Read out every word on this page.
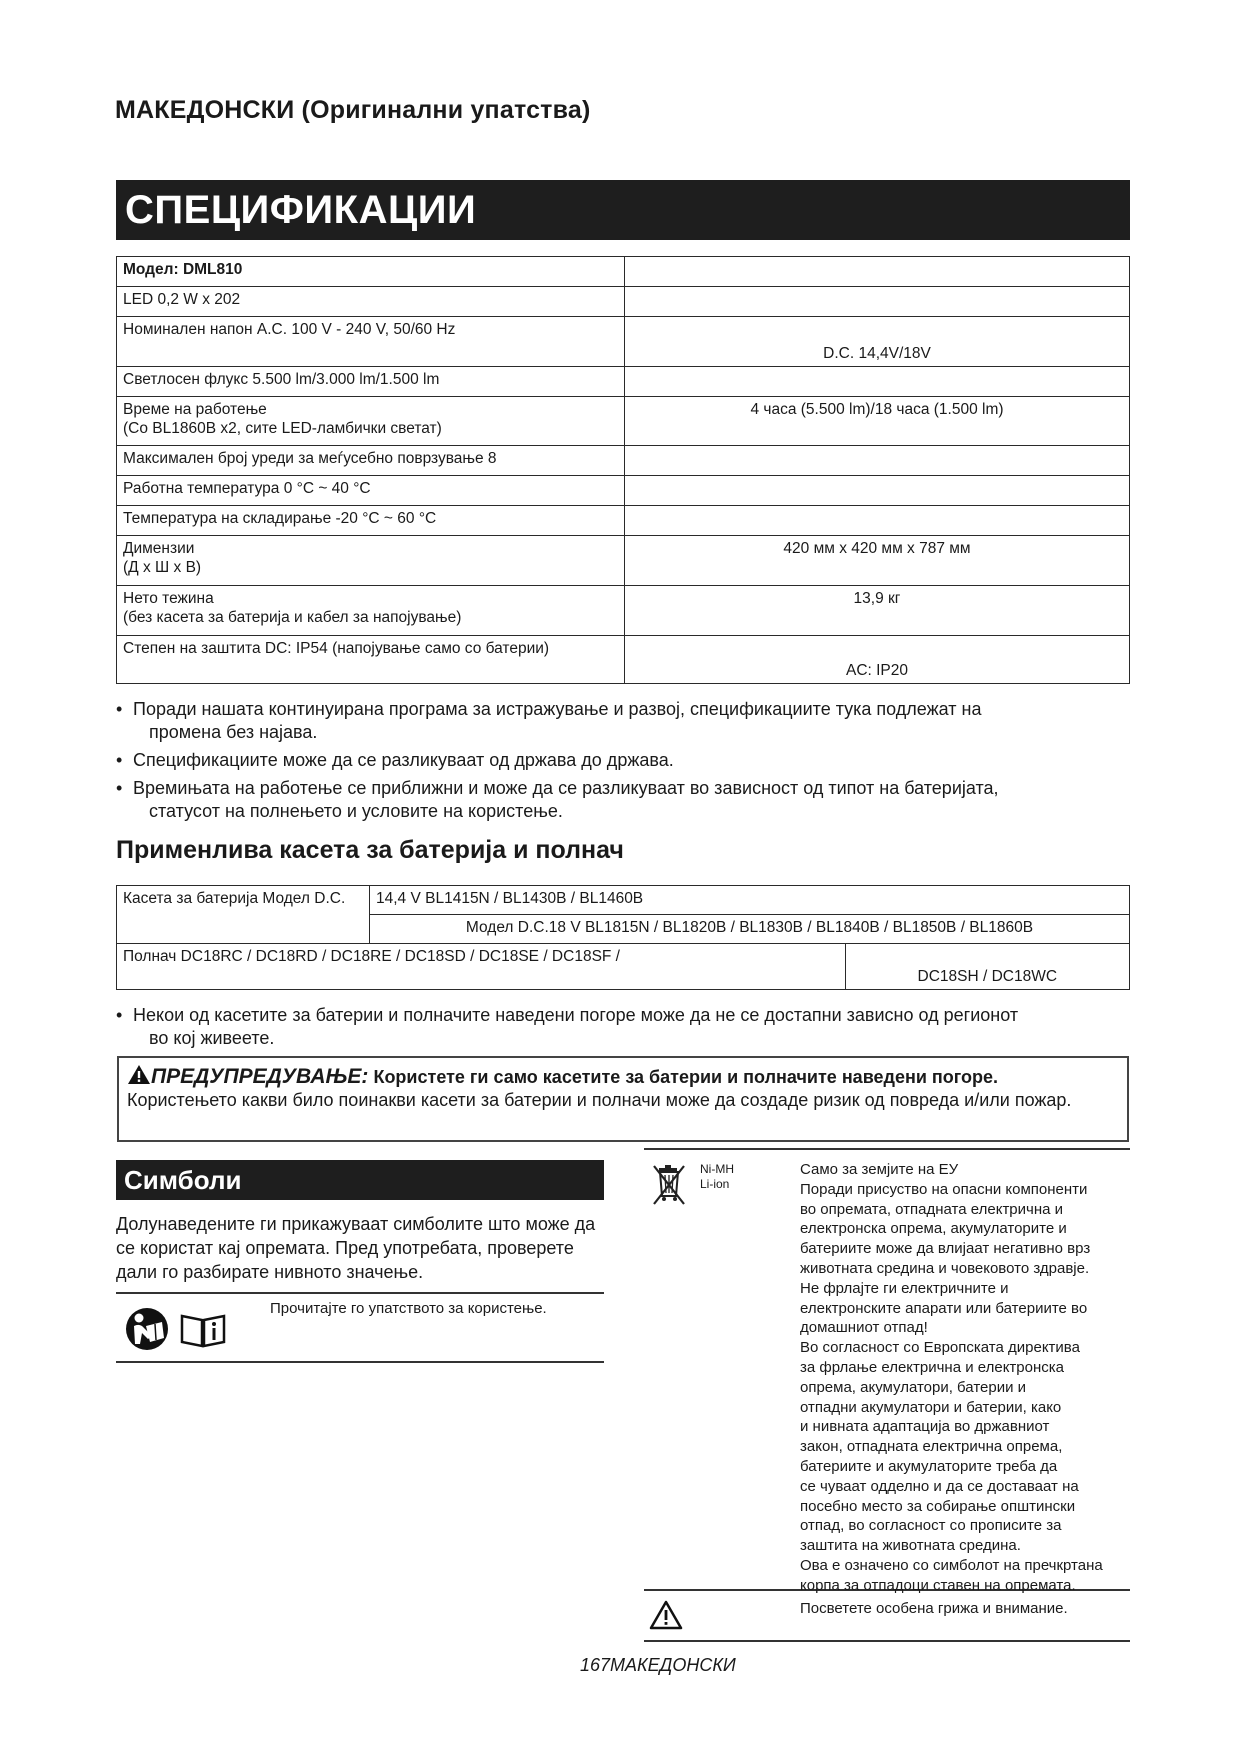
МАКЕДОНСКИ (Оригинални упатства)
СПЕЦИФИКАЦИИ
Модел: DML810	
LED 0,2 W x 202	
Номинален напон A.C. 100 V - 240 V, 50/60 Hz	D.C. 14,4V/18V
Светлосен флукс 5.500 lm/3.000 lm/1.500 lm	
Време на работење
(Со BL1860B x2, сите LED-ламбички светат)	4 часа (5.500 lm)/18 часа (1.500 lm)
Максимален број уреди за меѓусебно поврзување 8	
Работна температура 0 °C ~ 40 °C	
Температура на складирање -20 °C ~ 60 °C	
Димензии
(Д x Ш x В)	420 мм x 420 мм x 787 мм
Нето тежина
(без касета за батерија и кабел за напојување)	13,9 кг
Степен на заштита DC: IP54 (напојување само со батерии)	AC: IP20
• Поради нашата континуирана програма за истражување и развој, спецификациите тука подлежат на
промена без најава.
• Спецификациите може да се разликуваат од држава до држава.
• Времињата на работење се приближни и може да се разликуваат во зависност од типот на батеријата,
статусот на полнењето и условите на користење.
Применлива касета за батерија и полнач
Касета за батерија Модел D.C.	14,4 V BL1415N / BL1430B / BL1460B	
	Модел D.C.18 V BL1815N / BL1820B / BL1830B / BL1840B / BL1850B / BL1860B	
Полнач DC18RC / DC18RD / DC18RE / DC18SD / DC18SE / DC18SF /		DC18SH / DC18WC
• Некои од касетите за батерии и полначите наведени погоре може да не се достапни зависно од регионот
во кој живеете.
ПРЕДУПРЕДУВАЊЕ: Користете ги само касетите за батерии и полначите наведени погоре.
Користењето какви било поинакви касети за батерии и полначи може да создаде ризик од повреда и/или пожар.
Симболи
Долунаведените ги прикажуваат симболите што може да се користат кај опремата. Пред употребата, проверете дали го разбирате нивното значење.
Прочитајте го упатството за користење.
Ni-MH
Li-ion
Само за земјите на ЕУ
Поради присуство на опасни компоненти
во опремата, отпадната електрична и
електронска опрема, акумулаторите и
батериите може да влијаат негативно врз
животната средина и човековото здравје.
Не фрлајте ги електричните и
електронските апарати или батериите во
домашниот отпад!
Во согласност со Европската директива
за фрлање електрична и електронска
опрема, акумулатори, батерии и
отпадни акумулатори и батерии, како
и нивната адаптација во државниот
закон, отпадната електрична опрема,
батериите и акумулаторите треба да
се чуваат одделно и да се доставаат на
посебно место за собирање општински
отпад, во согласност со прописите за
заштита на животната средина.
Ова е означено со симболот на пречкртана
корпа за отпадоци ставен на опремата.
Посветете особена грижа и внимание.
167МАКЕДОНСКИ
